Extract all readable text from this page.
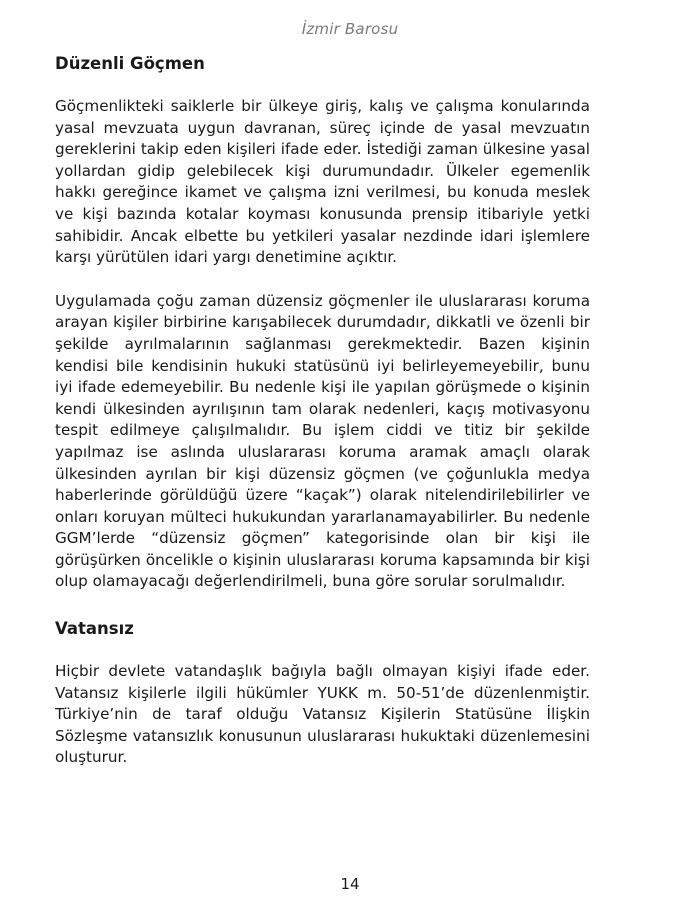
İzmir Barosu
Düzenli Göçmen

Göçmenlikteki saiklerle bir ülkeye giriş, kalış ve çalışma konularında yasal mevzuata uygun davranan, süreç içinde de yasal mevzuatın gereklerini takip eden kişileri ifade eder. İstediği zaman ülkesine yasal yollardan gidip gelebilecek kişi durumundadır. Ülkeler egemenlik hakkı gereğince ikamet ve çalışma izni verilmesi, bu konuda meslek ve kişi bazında kotalar koyması konusunda prensip itibariyle yetki sahibidir. Ancak elbette bu yetkileri yasalar nezdinde idari işlemlere karşı yürütülen idari yargı denetimine açıktır.

Uygulamada çoğu zaman düzensiz göçmenler ile uluslararası koruma arayan kişiler birbirine karışabilecek durumdadır, dikkatli ve özenli bir şekilde ayrılmalarının sağlanması gerekmektedir. Bazen kişinin kendisi bile kendisinin hukuki statüsünü iyi belirleyemeyebilir, bunu iyi ifade edemeyebilir. Bu nedenle kişi ile yapılan görüşmede o kişinin kendi ülkesinden ayrılışının tam olarak nedenleri, kaçış motivasyonu tespit edilmeye çalışılmalıdır. Bu işlem ciddi ve titiz bir şekilde yapılmaz ise aslında uluslararası koruma aramak amaçlı olarak ülkesinden ayrılan bir kişi düzensiz göçmen (ve çoğunlukla medya haberlerinde görüldüğü üzere “kaçak”) olarak nitelendirilebilirler ve onları koruyan mülteci hukukundan yararlanamayabilirler. Bu nedenle GGM’lerde “düzensiz göçmen” kategorisinde olan bir kişi ile görüşürken öncelikle o kişinin uluslararası koruma kapsamında bir kişi olup olamayacağı değerlendirilmeli, buna göre sorular sorulmalıdır.

Vatansız

Hiçbir devlete vatandaşlık bağıyla bağlı olmayan kişiyi ifade eder. Vatansız kişilerle ilgili hükümler YUKK m. 50-51’de düzenlenmiştir. Türkiye’nin de taraf olduğu Vatansız Kişilerin Statüsüne İlişkin Sözleşme vatansızlık konusunun uluslararası hukuktaki düzenlemesini oluşturur.

14
